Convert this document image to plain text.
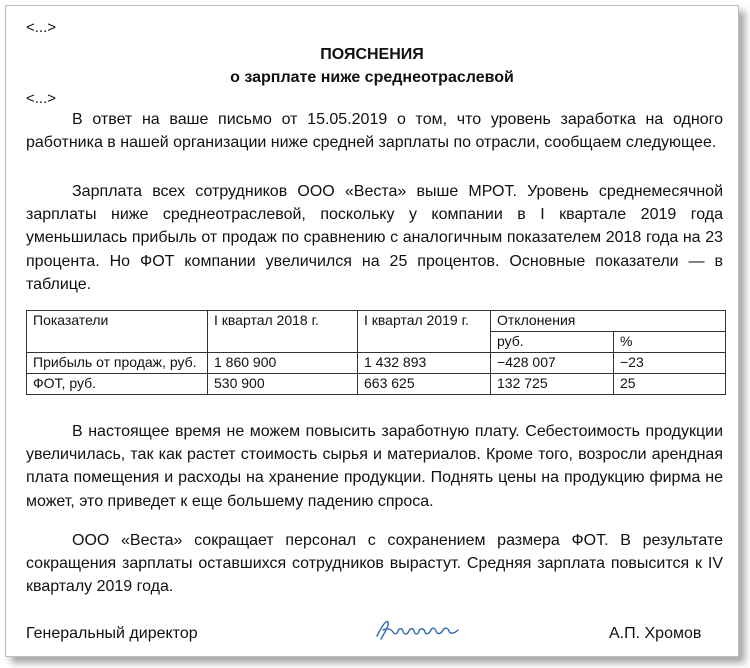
<...>
ПОЯСНЕНИЯ
о зарплате ниже среднеотраслевой
<...>

В ответ на ваше письмо от 15.05.2019 о том, что уровень заработка на одного работника в нашей организации ниже средней зарплаты по отрасли, сообщаем следующее.

Зарплата всех сотрудников ООО «Веста» выше МРОТ. Уровень среднемесячной зарплаты ниже среднеотраслевой, поскольку у компании в I квартале 2019 года уменьшилась прибыль от продаж по сравнению с аналогичным показателем 2018 года на 23 процента. Но ФОТ компании увеличился на 25 процентов. Основные показатели — в таблице.

Показатели	I квартал 2018 г.	I квартал 2019 г.	Отклонения	
			руб.	%
Прибыль от продаж, руб.	1 860 900	1 432 893	−428 007	−23
ФОТ, руб.	530 900	663 625	132 725	25

В настоящее время не можем повысить заработную плату. Себестоимость продукции увеличилась, так как растет стоимость сырья и материалов. Кроме того, возросли арендная плата помещения и расходы на хранение продукции. Поднять цены на продукцию фирма не может, это приведет к еще большему падению спроса.

ООО «Веста» сокращает персонал с сохранением размера ФОТ. В результате сокращения зарплаты оставшихся сотрудников вырастут. Средняя зарплата повысится к IV кварталу 2019 года.

Генеральный директор	А.П. Хромов
